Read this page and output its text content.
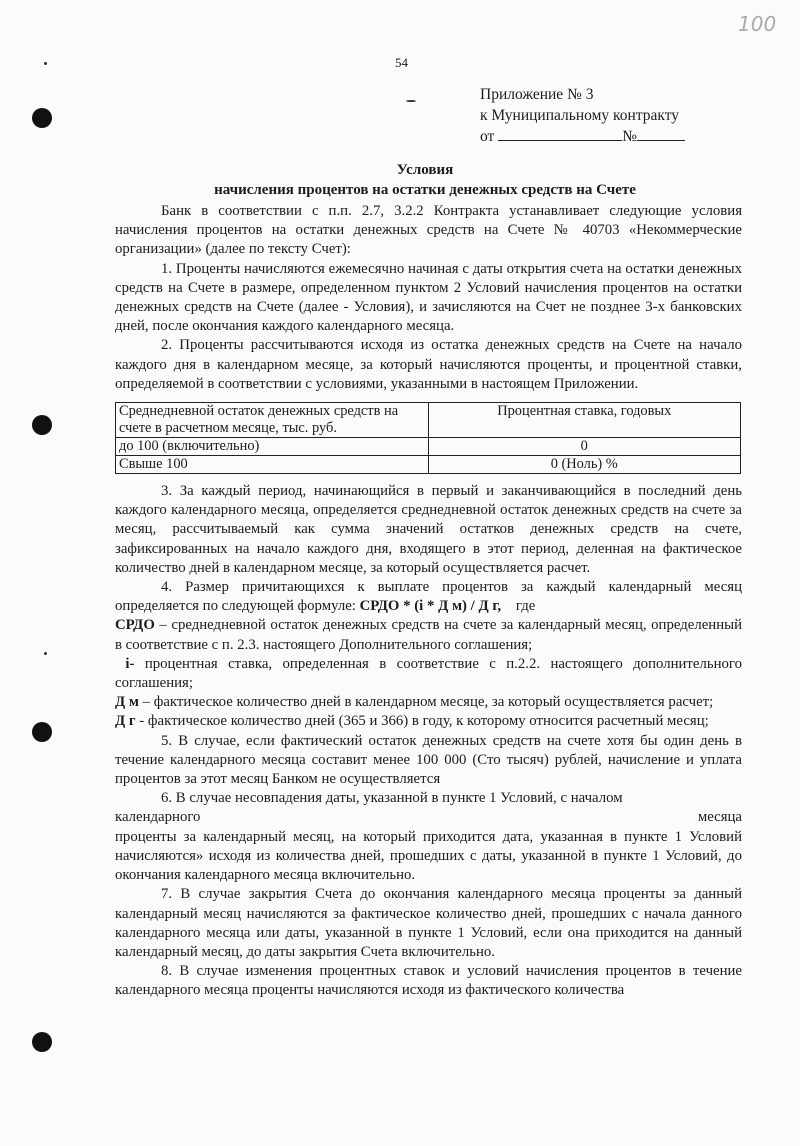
100
54
Приложение № 3
к Муниципальному контракту
от	№
Условия
начисления процентов на остатки денежных средств на Счете

Банк в соответствии с п.п. 2.7, 3.2.2 Контракта устанавливает следующие условия начисления процентов на остатки денежных средств на Счете № 40703 «Некоммерческие организации» (далее по тексту Счет):

1. Проценты начисляются ежемесячно начиная с даты открытия счета на остатки денежных средств на Счете в размере, определенном пунктом 2 Условий начисления процентов на остатки денежных средств на Счете (далее - Условия), и зачисляются на Счет не позднее 3-х банковских дней, после окончания каждого календарного месяца.

2. Проценты рассчитываются исходя из остатка денежных средств на Счете на начало каждого дня в календарном месяце, за который начисляются проценты, и процентной ставки, определяемой в соответствии с условиями, указанными в настоящем Приложении.

Среднедневной остаток денежных средств на счете в расчетном месяце, тыс. руб.	Процентная ставка, годовых
до 100 (включительно)	0
Свыше 100	0 (Ноль) %

3. За каждый период, начинающийся в первый и заканчивающийся в последний день каждого календарного месяца, определяется среднедневной остаток денежных средств на счете за месяц, рассчитываемый как сумма значений остатков денежных средств на счете, зафиксированных на начало каждого дня, входящего в этот период, деленная на фактическое количество дней в календарном месяце, за который осуществляется расчет.

4. Размер причитающихся к выплате процентов за каждый календарный месяц определяется по следующей формуле: СРДО * (i * Д м) / Д г, где

СРДО – среднедневной остаток денежных средств на счете за календарный месяц, определенный в соответствие с п. 2.3. настоящего Дополнительного соглашения;

i- процентная ставка, определенная в соответствие с п.2.2. настоящего дополнительного соглашения;

Д м – фактическое количество дней в календарном месяце, за который осуществляется расчет;

Д г - фактическое количество дней (365 и 366) в году, к которому относится расчетный месяц;

5. В случае, если фактический остаток денежных средств на счете хотя бы один день в течение календарного месяца составит менее 100 000 (Сто тысяч) рублей, начисление и уплата процентов за этот месяц Банком не осуществляется

6. В случае несовпадения даты, указанной в пункте 1 Условий, с началом

календарного	месяца

проценты за календарный месяц, на который приходится дата, указанная в пункте 1 Условий начисляются» исходя из количества дней, прошедших с даты, указанной в пункте 1 Условий, до окончания календарного месяца включительно.

7. В случае закрытия Счета до окончания календарного месяца проценты за данный календарный месяц начисляются за фактическое количество дней, прошедших с начала данного календарного месяца или даты, указанной в пункте 1 Условий, если она приходится на данный календарный месяц, до даты закрытия Счета включительно.

8. В случае изменения процентных ставок и условий начисления процентов в течение календарного месяца проценты начисляются исходя из фактического количества
